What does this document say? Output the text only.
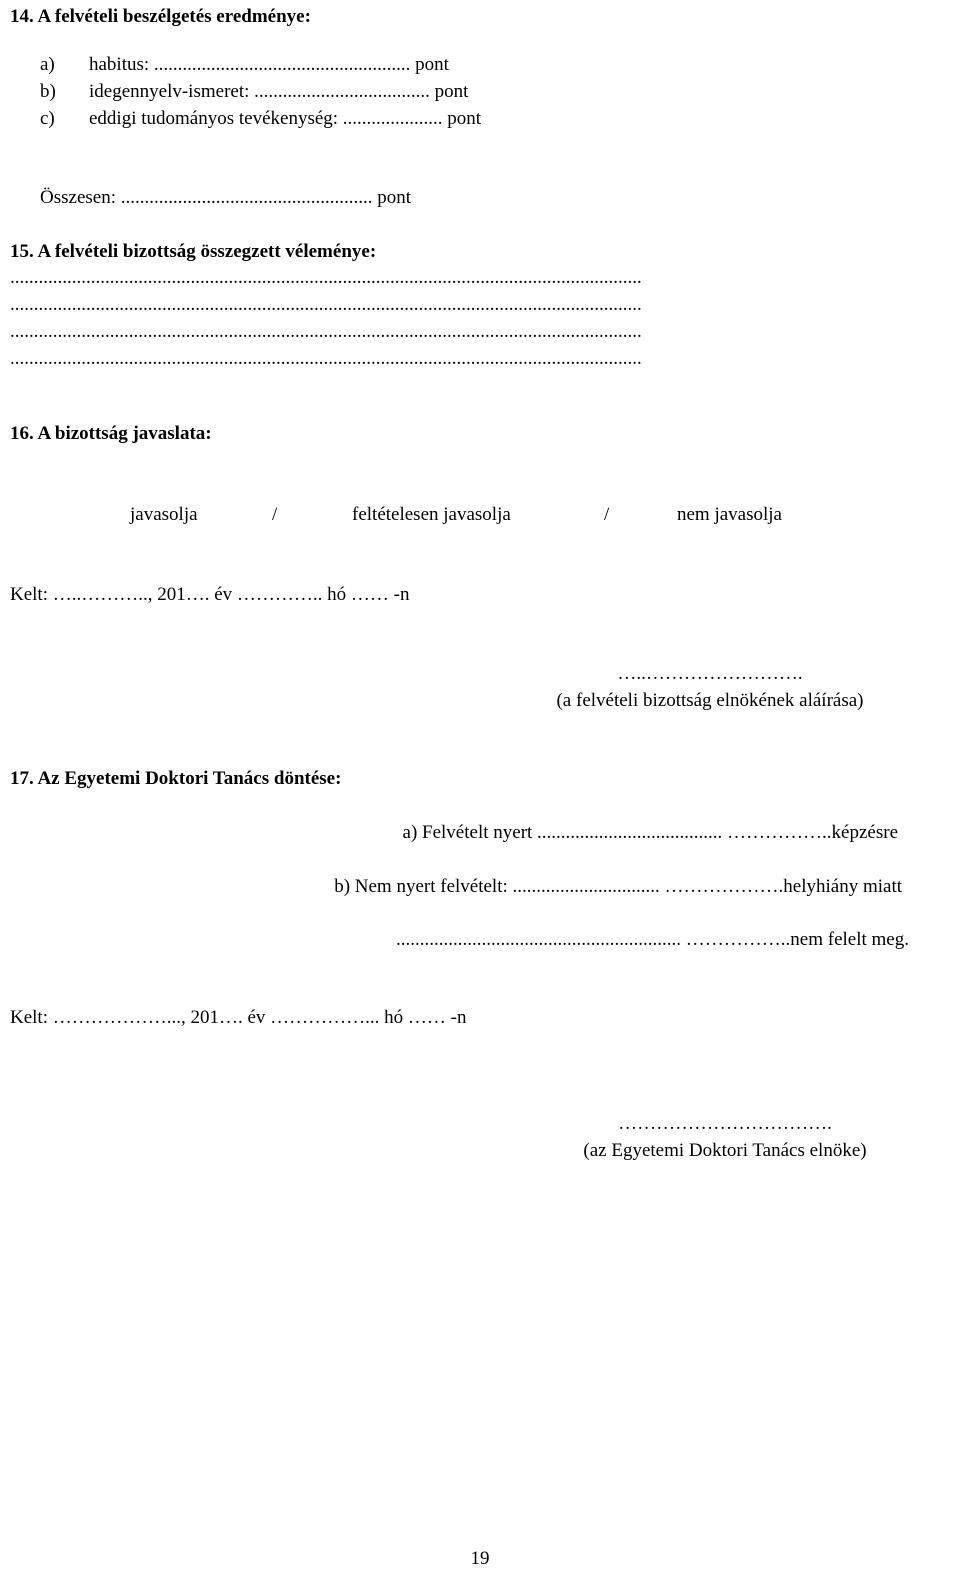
14. A felvételi beszélgetés eredménye:
a) habitus: ...................................................... pont
b) idegennyelv-ismeret: ..................................... pont
c) eddigi tudományos tevékenység: ..................... pont
Összesen: ..................................................... pont
15. A felvételi bizottság összegzett véleménye:
.....................................................................................................................................
.....................................................................................................................................
.....................................................................................................................................
.....................................................................................................................................
16. A bizottság javaslata:
javasolja	/	feltételesen javasolja	/	nem javasolja
Kelt: …..……….., 201…. év ………….. hó …… -n
…..…………………….
(a felvételi bizottság elnökének aláírása)
17. Az Egyetemi Doktori Tanács döntése:
a) Felvételt nyert ....................................... ……………..képzésre
b) Nem nyert felvételt: ............................... ……………….helyhiány miatt
............................................................ ……………..nem felelt meg.
Kelt: ………………..., 201…. év ……………... hó …… -n
…………………………….
(az Egyetemi Doktori Tanács elnöke)
19
